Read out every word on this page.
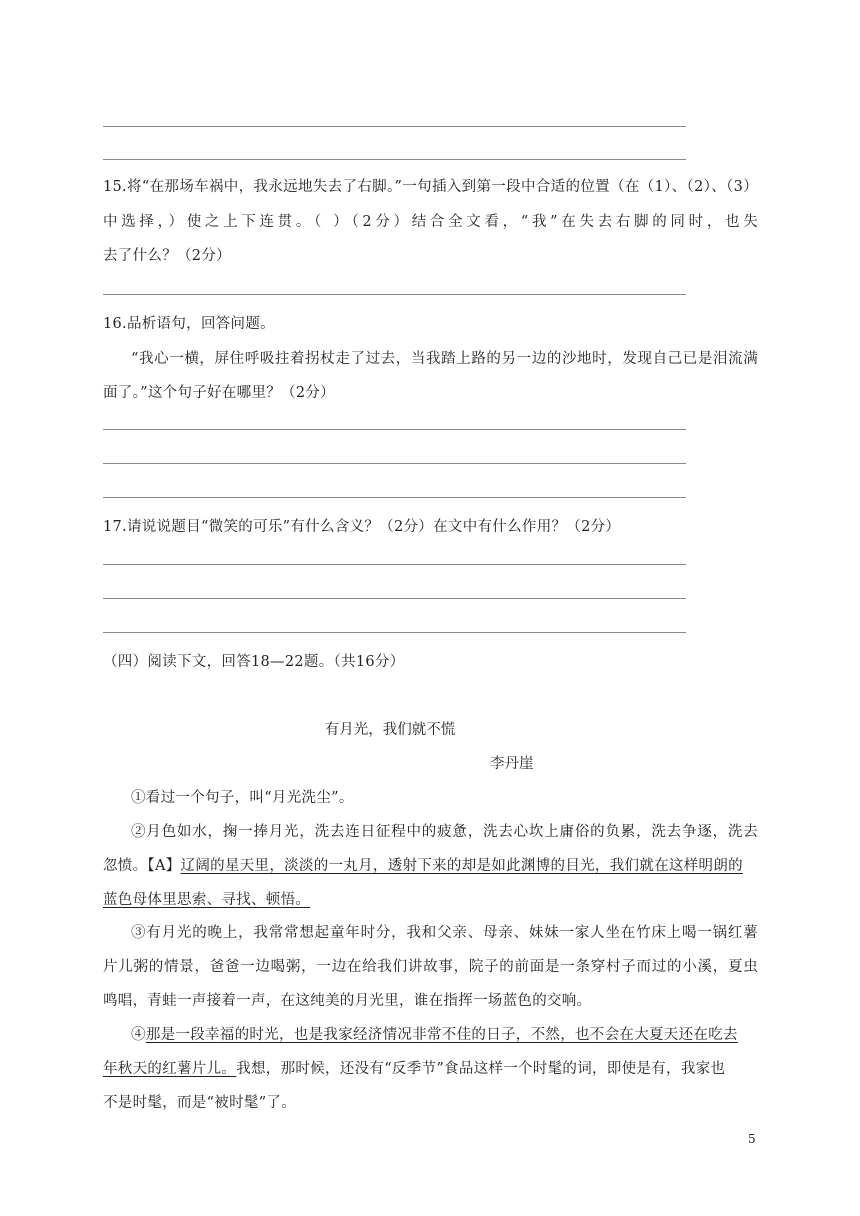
15.将“在那场车祸中，我永远地失去了右脚。”一句插入到第一段中合适的位置（在（1）、（2）、（3）
中选择，）使之上下连贯。（ ）（2分）结合全文看，“我”在失去右脚的同时，也失
去了什么？（2分）
16.品析语句，回答问题。
“我心一横，屏住呼吸拄着拐杖走了过去，当我踏上路的另一边的沙地时，发现自己已是泪流满
面了。”这个句子好在哪里？（2分）
17.请说说题目“微笑的可乐”有什么含义？（2分）在文中有什么作用？（2分）
（四）阅读下文，回答18—22题。（共16分）
有月光，我们就不慌
李丹崖
①看过一个句子，叫“月光洗尘”。
②月色如水，掬一捧月光，洗去连日征程中的疲惫，洗去心坎上庸俗的负累，洗去争逐，洗去
忽愤。【A】辽阔的星天里，淡淡的一丸月，透射下来的却是如此渊博的目光，我们就在这样明朗的
蓝色母体里思索、寻找、顿悟。
③有月光的晚上，我常常想起童年时分，我和父亲、母亲、妹妹一家人坐在竹床上喝一锅红薯
片儿粥的情景，爸爸一边喝粥，一边在给我们讲故事，院子的前面是一条穿村子而过的小溪，夏虫
鸣唱，青蛙一声接着一声，在这纯美的月光里，谁在指挥一场蓝色的交响。
④那是一段幸福的时光，也是我家经济情况非常不佳的日子，不然，也不会在大夏天还在吃去
年秋天的红薯片儿。我想，那时候，还没有“反季节”食品这样一个时髦的词，即使是有，我家也
不是时髦，而是“被时髦”了。
5
